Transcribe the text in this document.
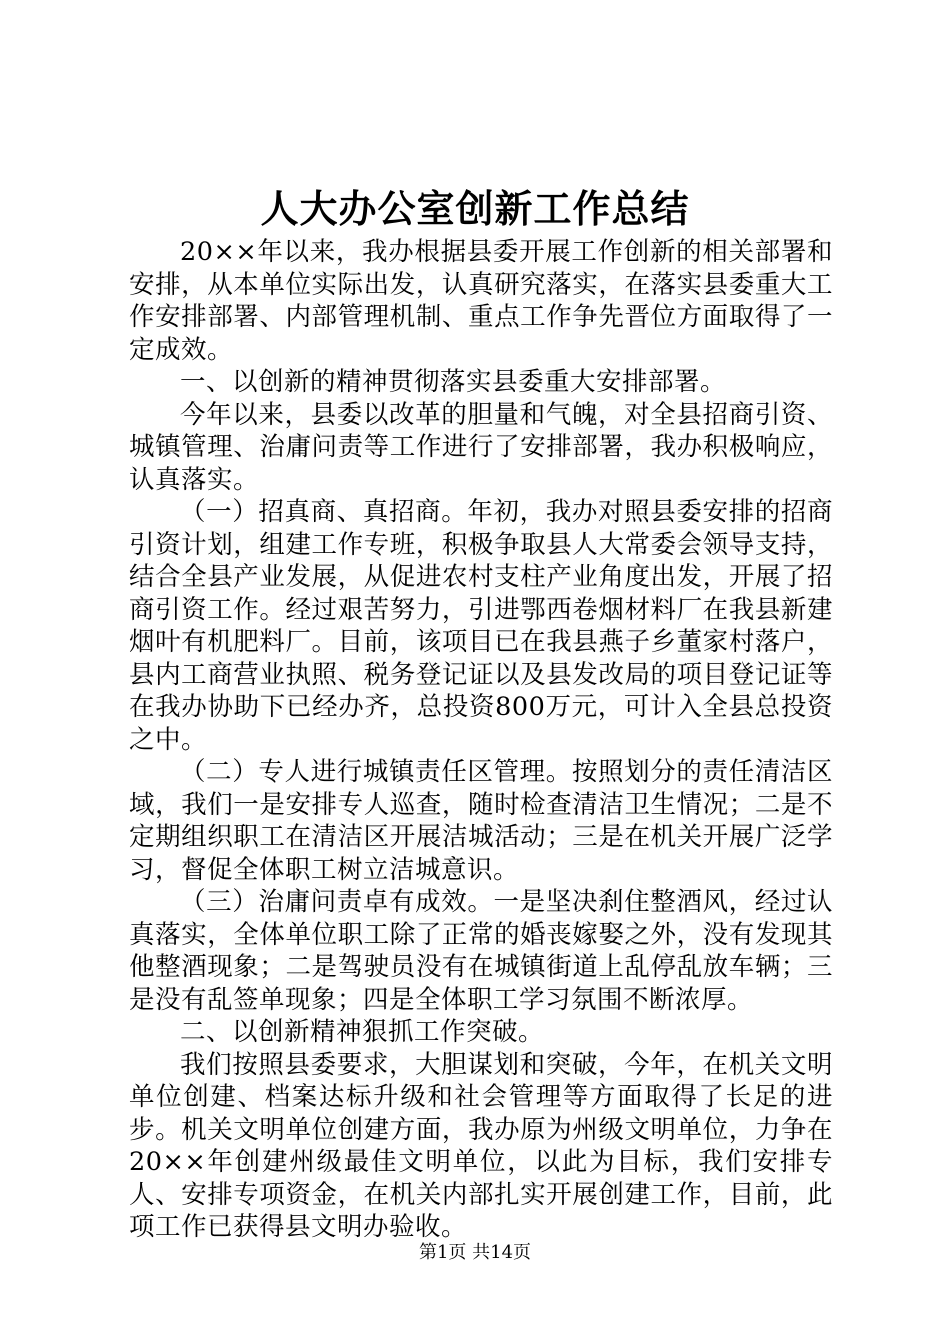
人大办公室创新工作总结

20××年以来，我办根据县委开展工作创新的相关部署和安排，从本单位实际出发，认真研究落实，在落实县委重大工作安排部署、内部管理机制、重点工作争先晋位方面取得了一定成效。

一、以创新的精神贯彻落实县委重大安排部署。

今年以来，县委以改革的胆量和气魄，对全县招商引资、城镇管理、治庸问责等工作进行了安排部署，我办积极响应，认真落实。

（一）招真商、真招商。年初，我办对照县委安排的招商引资计划，组建工作专班，积极争取县人大常委会领导支持，结合全县产业发展，从促进农村支柱产业角度出发，开展了招商引资工作。经过艰苦努力，引进鄂西卷烟材料厂在我县新建烟叶有机肥料厂。目前，该项目已在我县燕子乡董家村落户，县内工商营业执照、税务登记证以及县发改局的项目登记证等在我办协助下已经办齐，总投资800万元，可计入全县总投资之中。

（二）专人进行城镇责任区管理。按照划分的责任清洁区域，我们一是安排专人巡查，随时检查清洁卫生情况；二是不定期组织职工在清洁区开展洁城活动；三是在机关开展广泛学习，督促全体职工树立洁城意识。

（三）治庸问责卓有成效。一是坚决刹住整酒风，经过认真落实，全体单位职工除了正常的婚丧嫁娶之外，没有发现其他整酒现象；二是驾驶员没有在城镇街道上乱停乱放车辆；三是没有乱签单现象；四是全体职工学习氛围不断浓厚。

二、以创新精神狠抓工作突破。

我们按照县委要求，大胆谋划和突破，今年，在机关文明单位创建、档案达标升级和社会管理等方面取得了长足的进步。机关文明单位创建方面，我办原为州级文明单位，力争在20××年创建州级最佳文明单位，以此为目标，我们安排专人、安排专项资金，在机关内部扎实开展创建工作，目前，此项工作已获得县文明办验收。

第1页 共14页
